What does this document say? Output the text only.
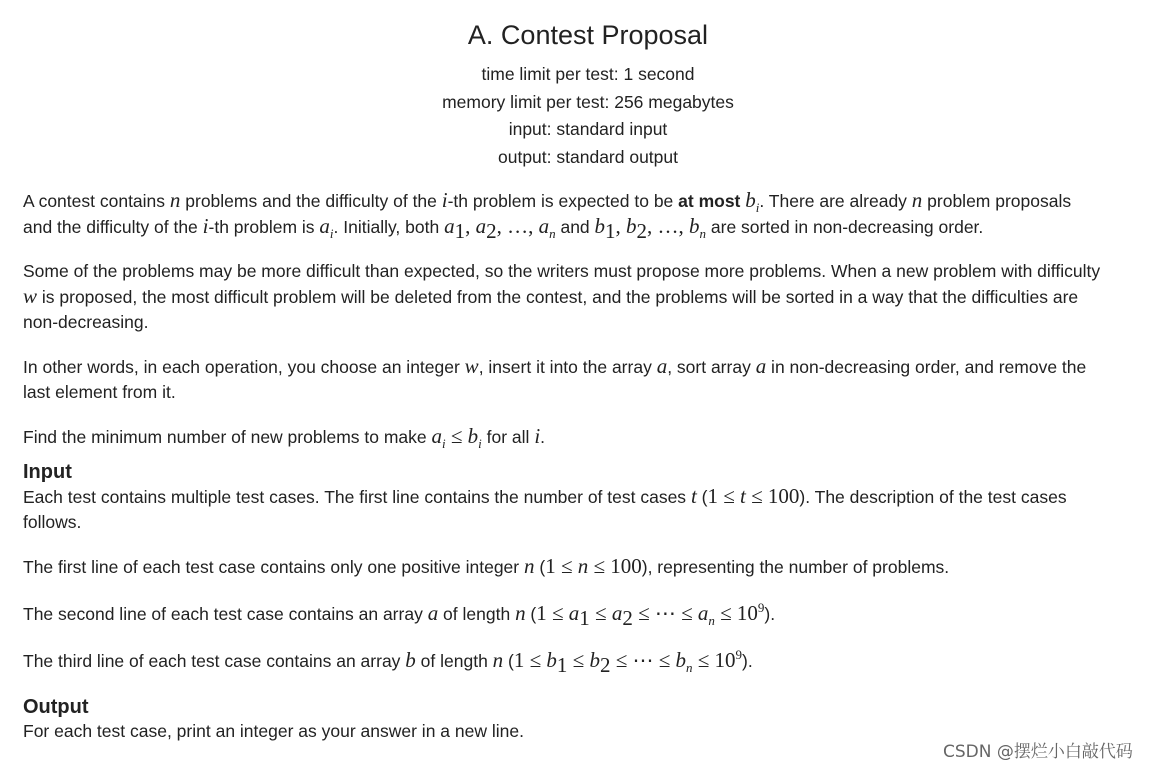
A. Contest Proposal
time limit per test: 1 second
memory limit per test: 256 megabytes
input: standard input
output: standard output
A contest contains n problems and the difficulty of the i-th problem is expected to be at most $b_i$. There are already n problem proposals
and the difficulty of the i-th problem is $a_i$. Initially, both $a_1$, $a_2$, …, $a_n$ and $b_1$, $b_2$, …, $b_n$ are sorted in non-decreasing order.
Some of the problems may be more difficult than expected, so the writers must propose more problems. When a new problem with difficulty
w is proposed, the most difficult problem will be deleted from the contest, and the problems will be sorted in a way that the difficulties are
non-decreasing.
In other words, in each operation, you choose an integer w, insert it into the array a, sort array a in non-decreasing order, and remove the
last element from it.
Find the minimum number of new problems to make $a_i \le b_i$ for all i.
Input
Each test contains multiple test cases. The first line contains the number of test cases t (1 ≤ t ≤ 100). The description of the test cases
follows.
The first line of each test case contains only one positive integer n (1 ≤ n ≤ 100), representing the number of problems.
The second line of each test case contains an array a of length n ($1 \le a_1 \le a_2$ ≤ ⋯ ≤ $a_n \le 10^9$).
The third line of each test case contains an array b of length n ($1 \le b_1 \le b_2$ ≤ ⋯ ≤ $b_n \le 10^9$).
Output
For each test case, print an integer as your answer in a new line.
CSDN @摆烂小白敲代码
